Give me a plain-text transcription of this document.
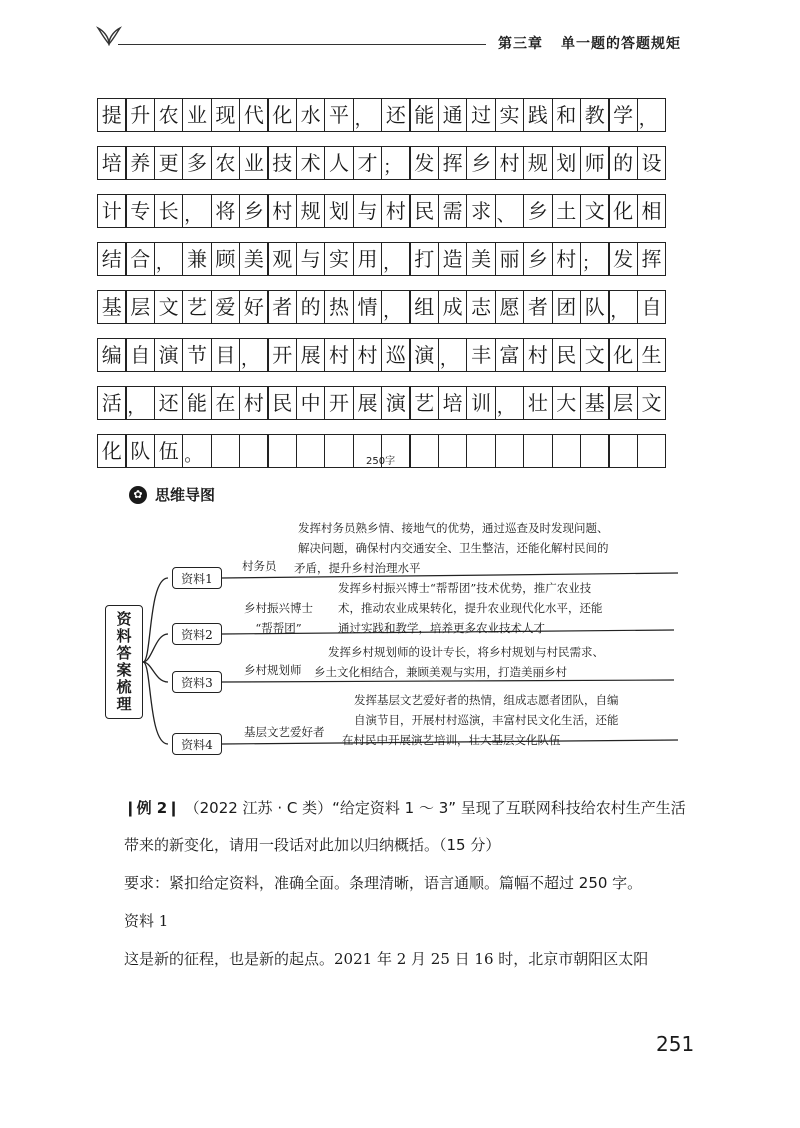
第三章 单一题的答题规矩
提 升 农 业 现 代 化 水 平 ， 还 能 通 过 实 践 和 教 学 ，
培 养 更 多 农 业 技 术 人 才 ； 发 挥 乡 村 规 划 师 的 设
计 专 长 ， 将 乡 村 规 划 与 村 民 需 求 、 乡 土 文 化 相
结 合 ， 兼 顾 美 观 与 实 用 ， 打 造 美 丽 乡 村 ； 发 挥
基 层 文 艺 爱 好 者 的 热 情 ， 组 成 志 愿 者 团 队 ， 自
编 自 演 节 目 ， 开 展 村 村 巡 演 ， 丰 富 村 民 文 化 生
活 ， 还 能 在 村 民 中 开 展 演 艺 培 训 ， 壮 大 基 层 文
化 队 伍 。	250字
✿ 思维导图
资料答案梳理
资料1
资料2
资料3
资料4
村务员
乡村振兴博士
“帮帮团”
乡村规划师
基层文艺爱好者
发挥村务员熟乡情、接地气的优势，通过巡查及时发现问题、
解决问题，确保村内交通安全、卫生整洁，还能化解村民间的
矛盾，提升乡村治理水平
发挥乡村振兴博士“帮帮团”技术优势，推广农业技
术，推动农业成果转化，提升农业现代化水平，还能
通过实践和教学，培养更多农业技术人才
发挥乡村规划师的设计专长，将乡村规划与村民需求、
乡土文化相结合，兼顾美观与实用，打造美丽乡村
发挥基层文艺爱好者的热情，组成志愿者团队，自编
自演节目，开展村村巡演，丰富村民文化生活，还能
在村民中开展演艺培训，壮大基层文化队伍
❙例 2❙ （2022 江苏 · C 类）“给定资料 1 ～ 3” 呈现了互联网科技给农村生产生活
带来的新变化，请用一段话对此加以归纳概括。（15 分）
要求：紧扣给定资料，准确全面。条理清晰，语言通顺。篇幅不超过 250 字。
资料 1
这是新的征程，也是新的起点。2021 年 2 月 25 日 16 时，北京市朝阳区太阳
251
